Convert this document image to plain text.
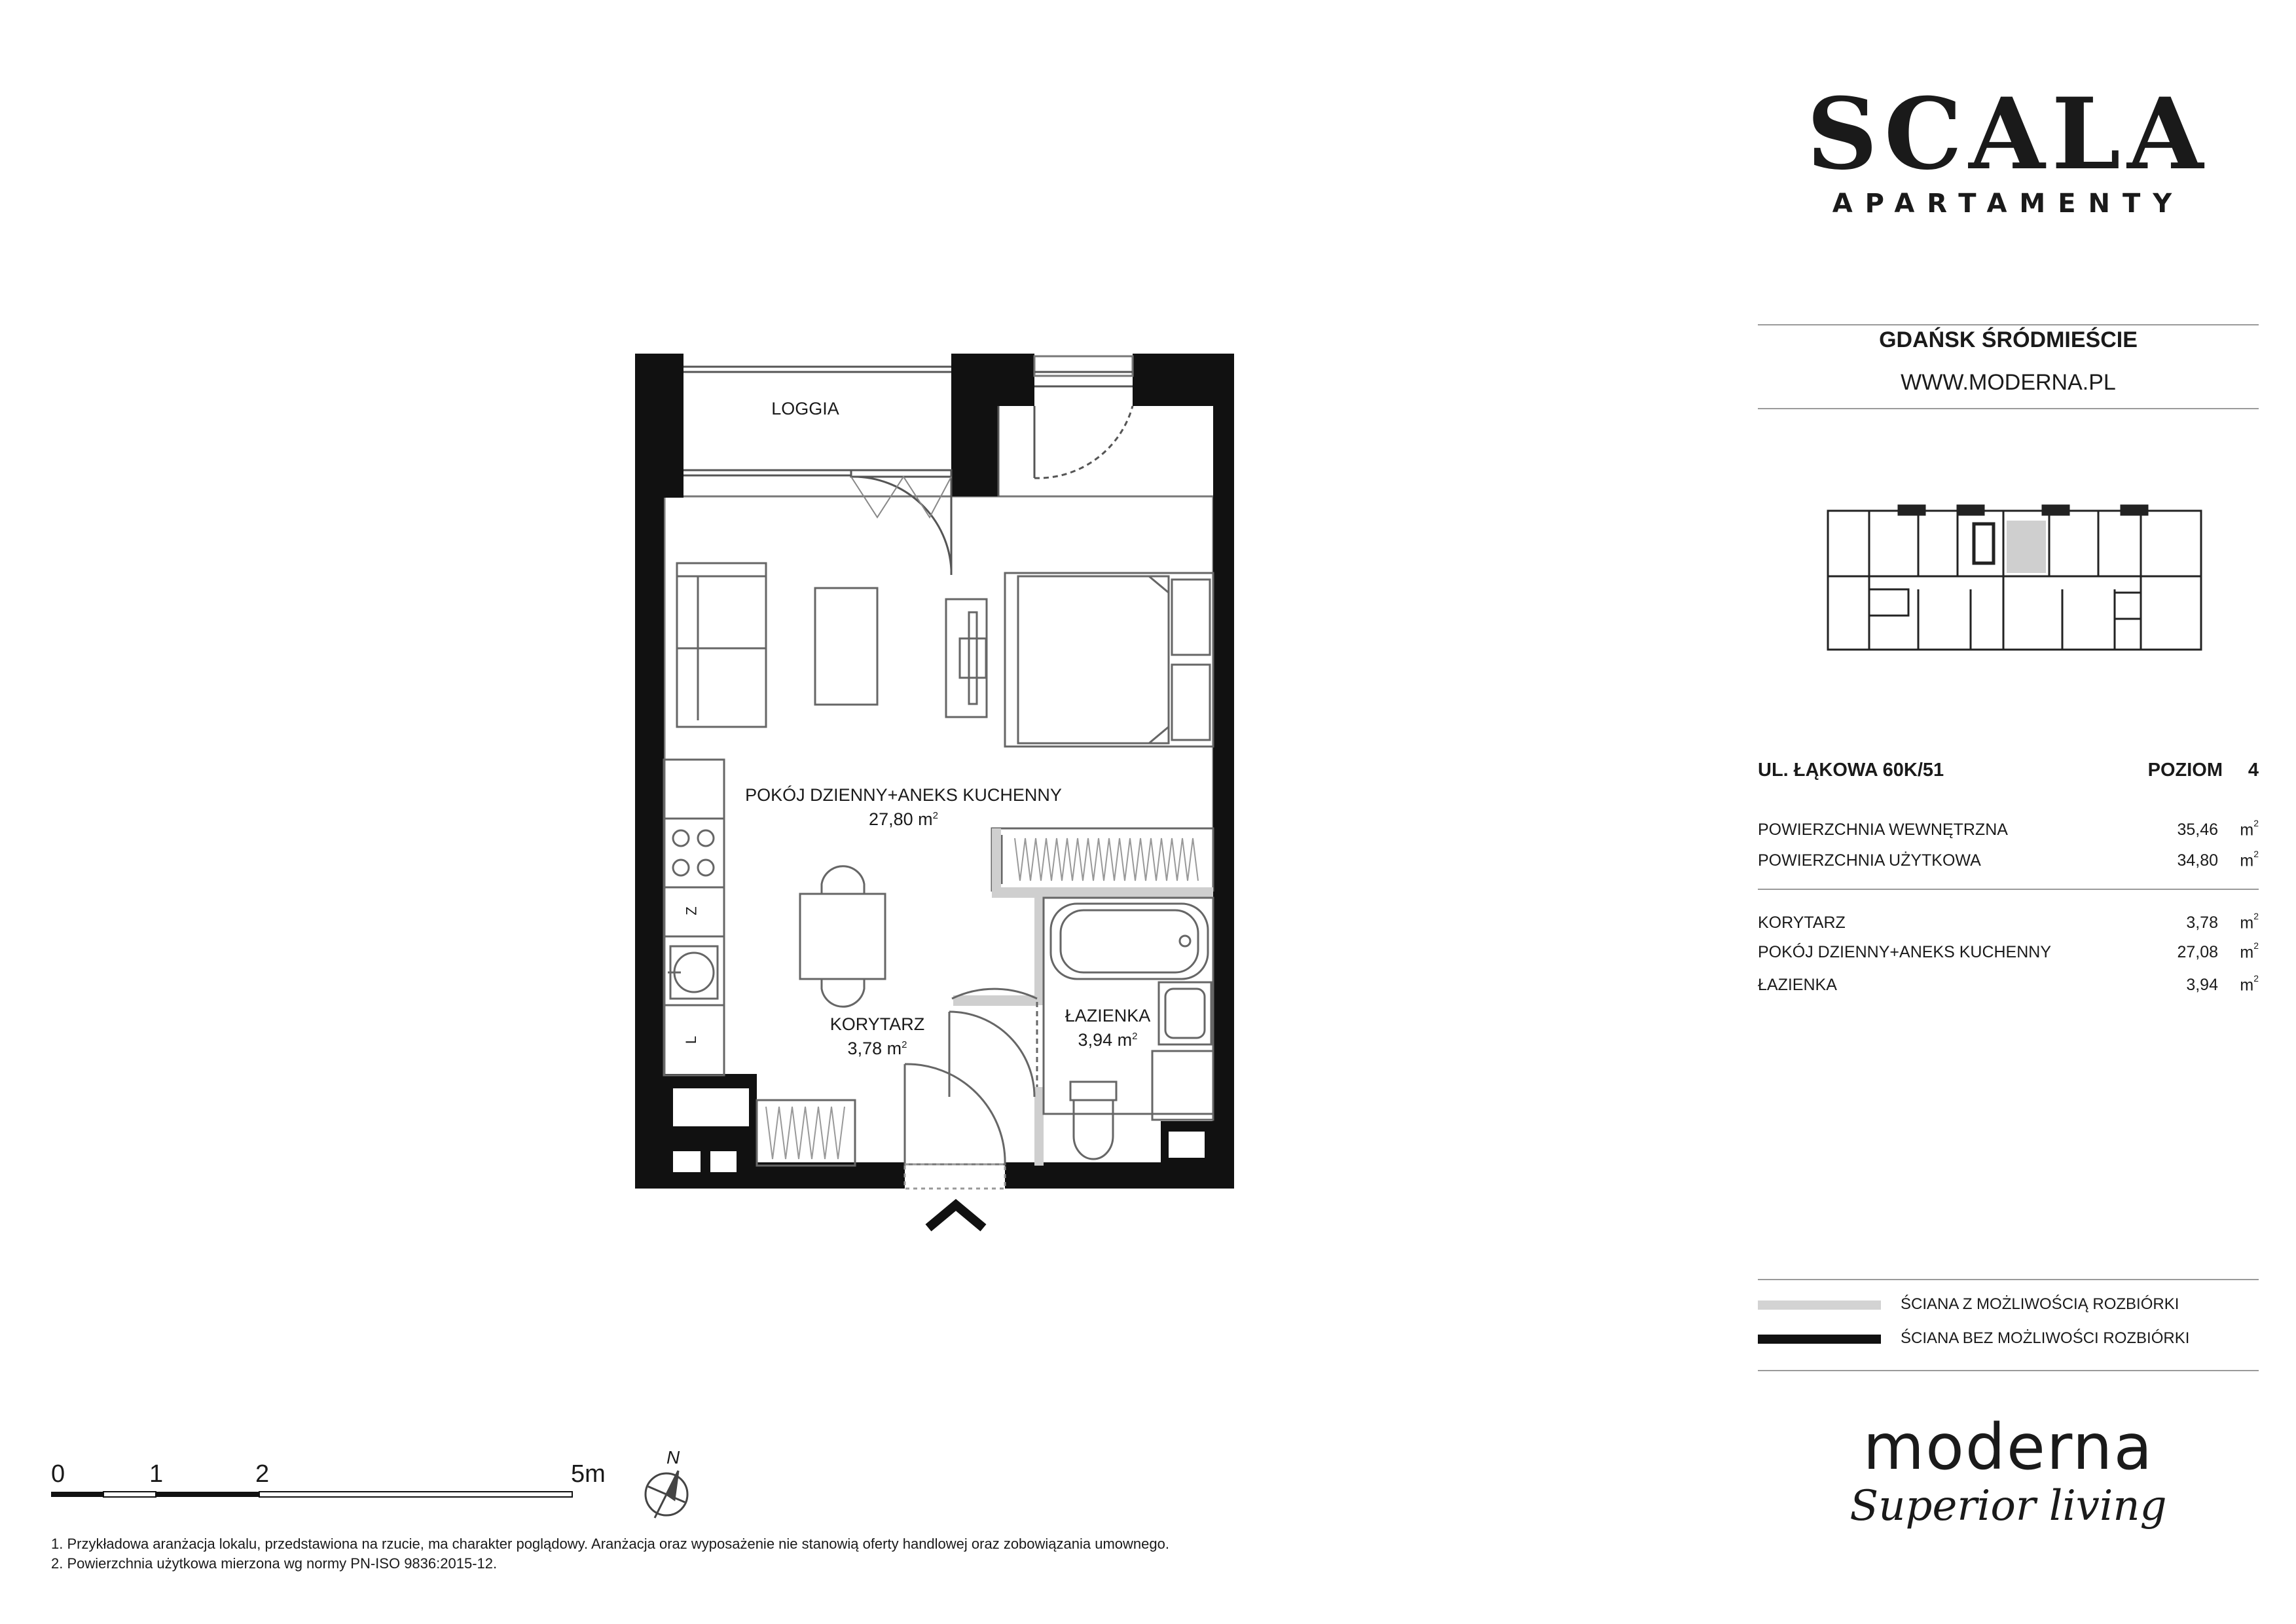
LOGGIA
POKÓJ DZIENNY+ANEKS KUCHENNY
27,80 $m^2$
KORYTARZ
3,78 $m^2$
ŁAZIENKA
3,94 $m^2$
Z
L
SCALA
APARTAMENTY
GDAŃSK ŚRÓDMIEŚCIE
WWW.MODERNA.PL
UL. ŁĄKOWA 60K/51	POZIOM 4
POWIERZCHNIA WEWNĘTRZNA	35,46 $m^2$
POWIERZCHNIA UŻYTKOWA	34,80 $m^2$
KORYTARZ	3,78 $m^2$
POKÓJ DZIENNY+ANEKS KUCHENNY	27,08 $m^2$
ŁAZIENKA	3,94 $m^2$
ŚCIANA Z MOŻLIWOŚCIĄ ROZBIÓRKI
ŚCIANA BEZ MOŻLIWOŚCI ROZBIÓRKI
moderna
Superior living
0	1	2	5m
N
1. Przykładowa aranżacja lokalu, przedstawiona na rzucie, ma charakter poglądowy. Aranżacja oraz wyposażenie nie stanowią oferty handlowej oraz zobowiązania umownego.
2. Powierzchnia użytkowa mierzona wg normy PN-ISO 9836:2015-12.
